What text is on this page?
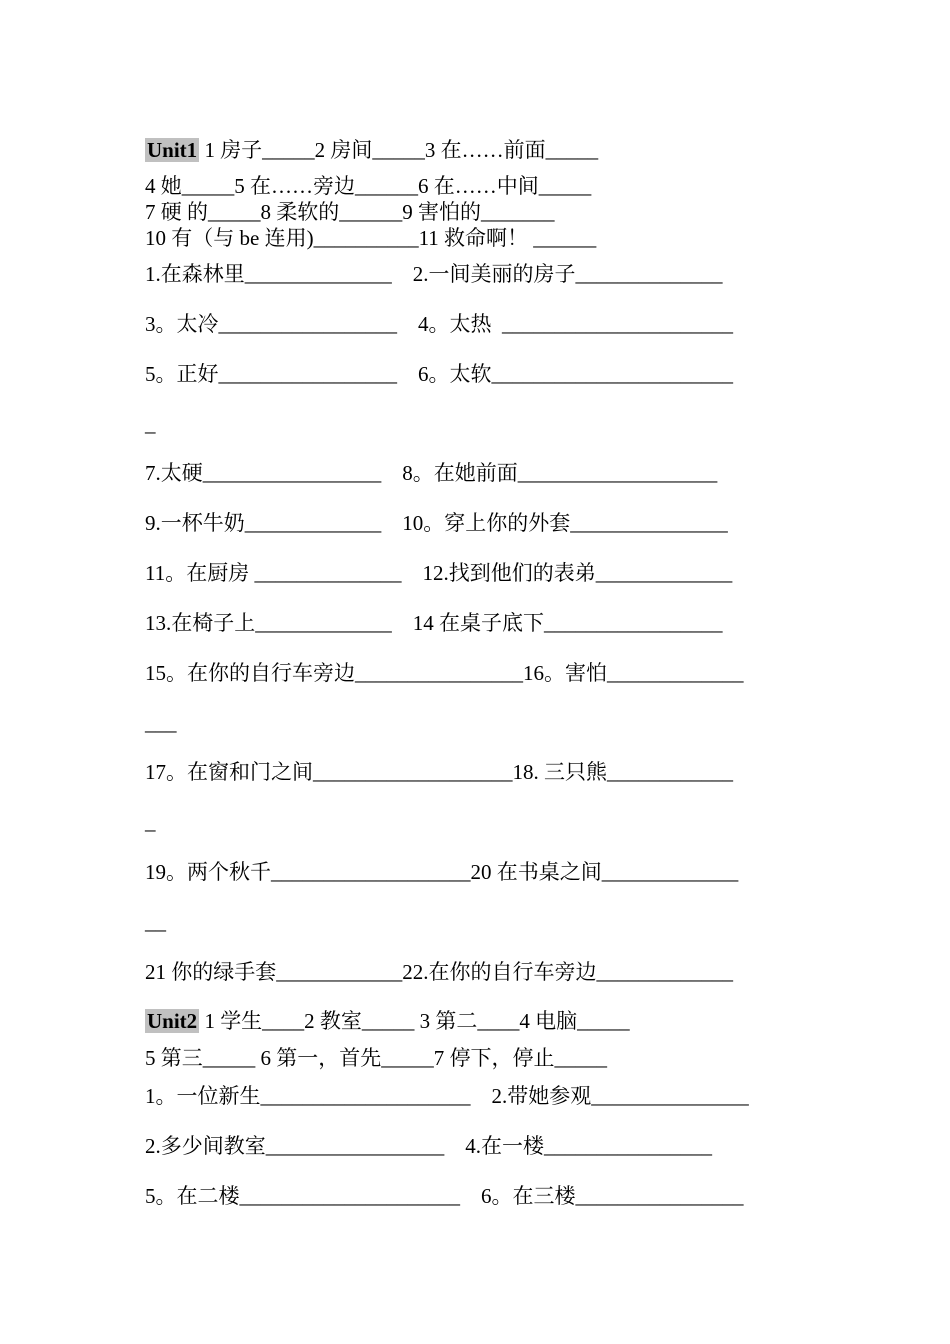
Unit1 1 房子_____2 房间_____3 在……前面_____
4 她_____5 在……旁边______6 在……中间_____
7 硬 的_____8 柔软的______9 害怕的_______
10 有（与 be 连用)__________11 救命啊！ ______
1.在森林里______________    2.一间美丽的房子______________
3。太冷_________________    4。太热  ______________________
5。正好_________________    6。太软_______________________
_
7.太硬_________________    8。在她前面___________________
9.一杯牛奶_____________    10。穿上你的外套_______________
11。在厨房 ______________    12.找到他们的表弟_____________
13.在椅子上_____________    14 在桌子底下_________________
15。在你的自行车旁边________________16。害怕_____________
___
17。在窗和门之间___________________18. 三只熊____________
_
19。两个秋千___________________20 在书桌之间_____________
__
21 你的绿手套____________22.在你的自行车旁边_____________
Unit2 1 学生____2 教室_____ 3 第二____4 电脑_____
5 第三_____ 6 第一，首先_____7 停下，停止_____
1。一位新生____________________    2.带她参观_______________
2.多少间教室_________________    4.在一楼________________
5。在二楼_____________________    6。在三楼________________
